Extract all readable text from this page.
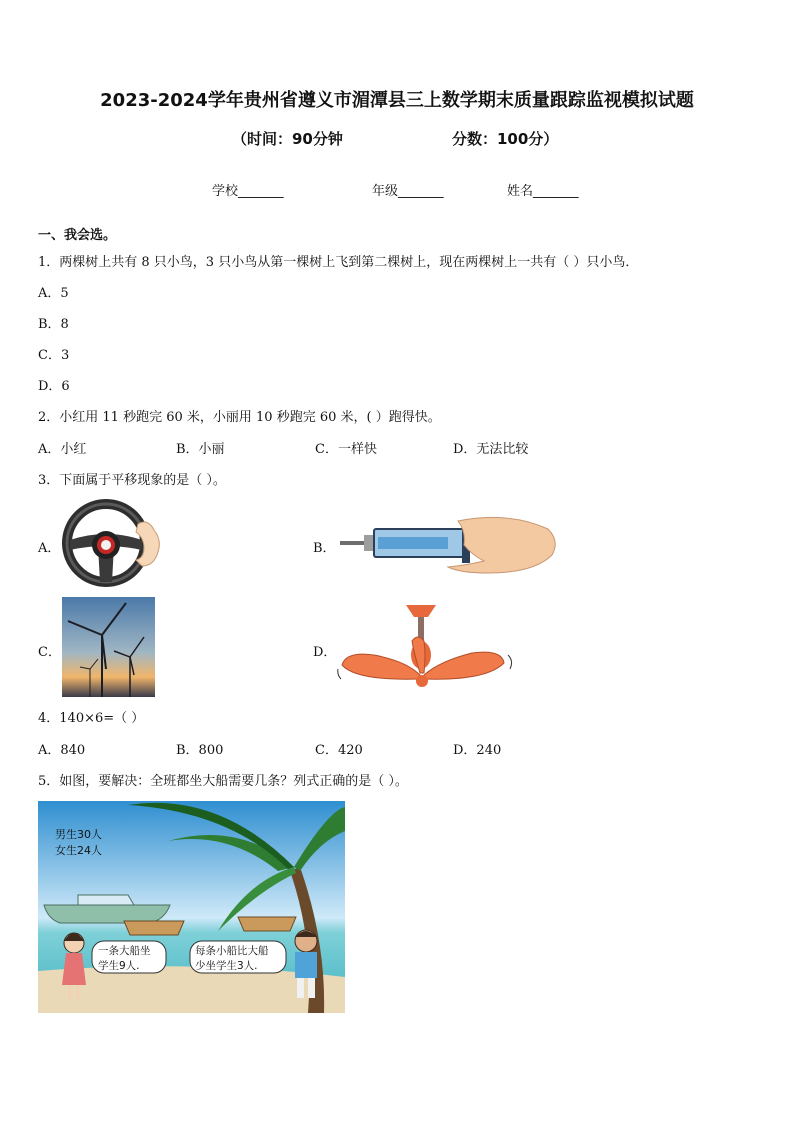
2023-2024学年贵州省遵义市湄潭县三上数学期末质量跟踪监视模拟试题
（时间：90分钟	分数：100分）
学校_______	年级_______	姓名_______
一、我会选。
1．两棵树上共有 8 只小鸟，3 只小鸟从第一棵树上飞到第二棵树上，现在两棵树上一共有（ ）只小鸟．
A．5
B．8
C．3
D．6
2．小红用 11 秒跑完 60 米，小丽用 10 秒跑完 60 米，( ）跑得快。
A．小红	B．小丽	C．一样快	D．无法比较
3．下面属于平移现象的是（ ）。
A．	B．
C．	D．
4．140×6=（ ）
A．840	B．800	C．420	D．240
5．如图，要解决：全班都坐大船需要几条？列式正确的是（ ）。
男生30人
女生24人
一条大船坐
学生9人.
每条小船比大船
少坐学生3人.
